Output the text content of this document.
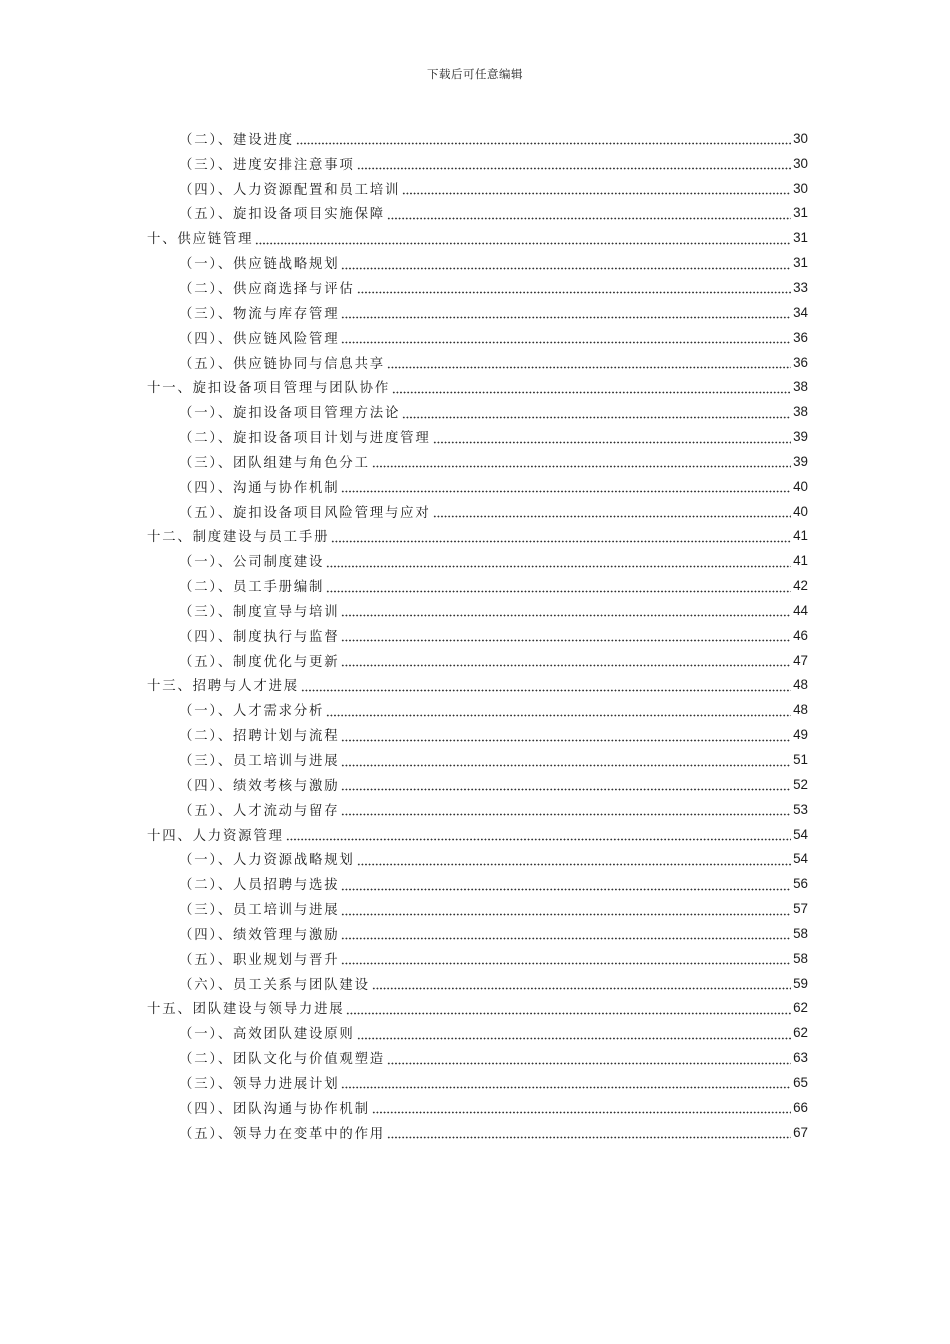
下载后可任意编辑
（二）、建设进度	30
（三）、进度安排注意事项	30
（四）、人力资源配置和员工培训	30
（五）、旋扣设备项目实施保障	31
十、供应链管理	31
（一）、供应链战略规划	31
（二）、供应商选择与评估	33
（三）、物流与库存管理	34
（四）、供应链风险管理	36
（五）、供应链协同与信息共享	36
十一、旋扣设备项目管理与团队协作	38
（一）、旋扣设备项目管理方法论	38
（二）、旋扣设备项目计划与进度管理	39
（三）、团队组建与角色分工	39
（四）、沟通与协作机制	40
（五）、旋扣设备项目风险管理与应对	40
十二、制度建设与员工手册	41
（一）、公司制度建设	41
（二）、员工手册编制	42
（三）、制度宣导与培训	44
（四）、制度执行与监督	46
（五）、制度优化与更新	47
十三、招聘与人才进展	48
（一）、人才需求分析	48
（二）、招聘计划与流程	49
（三）、员工培训与进展	51
（四）、绩效考核与激励	52
（五）、人才流动与留存	53
十四、人力资源管理	54
（一）、人力资源战略规划	54
（二）、人员招聘与选拔	56
（三）、员工培训与进展	57
（四）、绩效管理与激励	58
（五）、职业规划与晋升	58
（六）、员工关系与团队建设	59
十五、团队建设与领导力进展	62
（一）、高效团队建设原则	62
（二）、团队文化与价值观塑造	63
（三）、领导力进展计划	65
（四）、团队沟通与协作机制	66
（五）、领导力在变革中的作用	67
